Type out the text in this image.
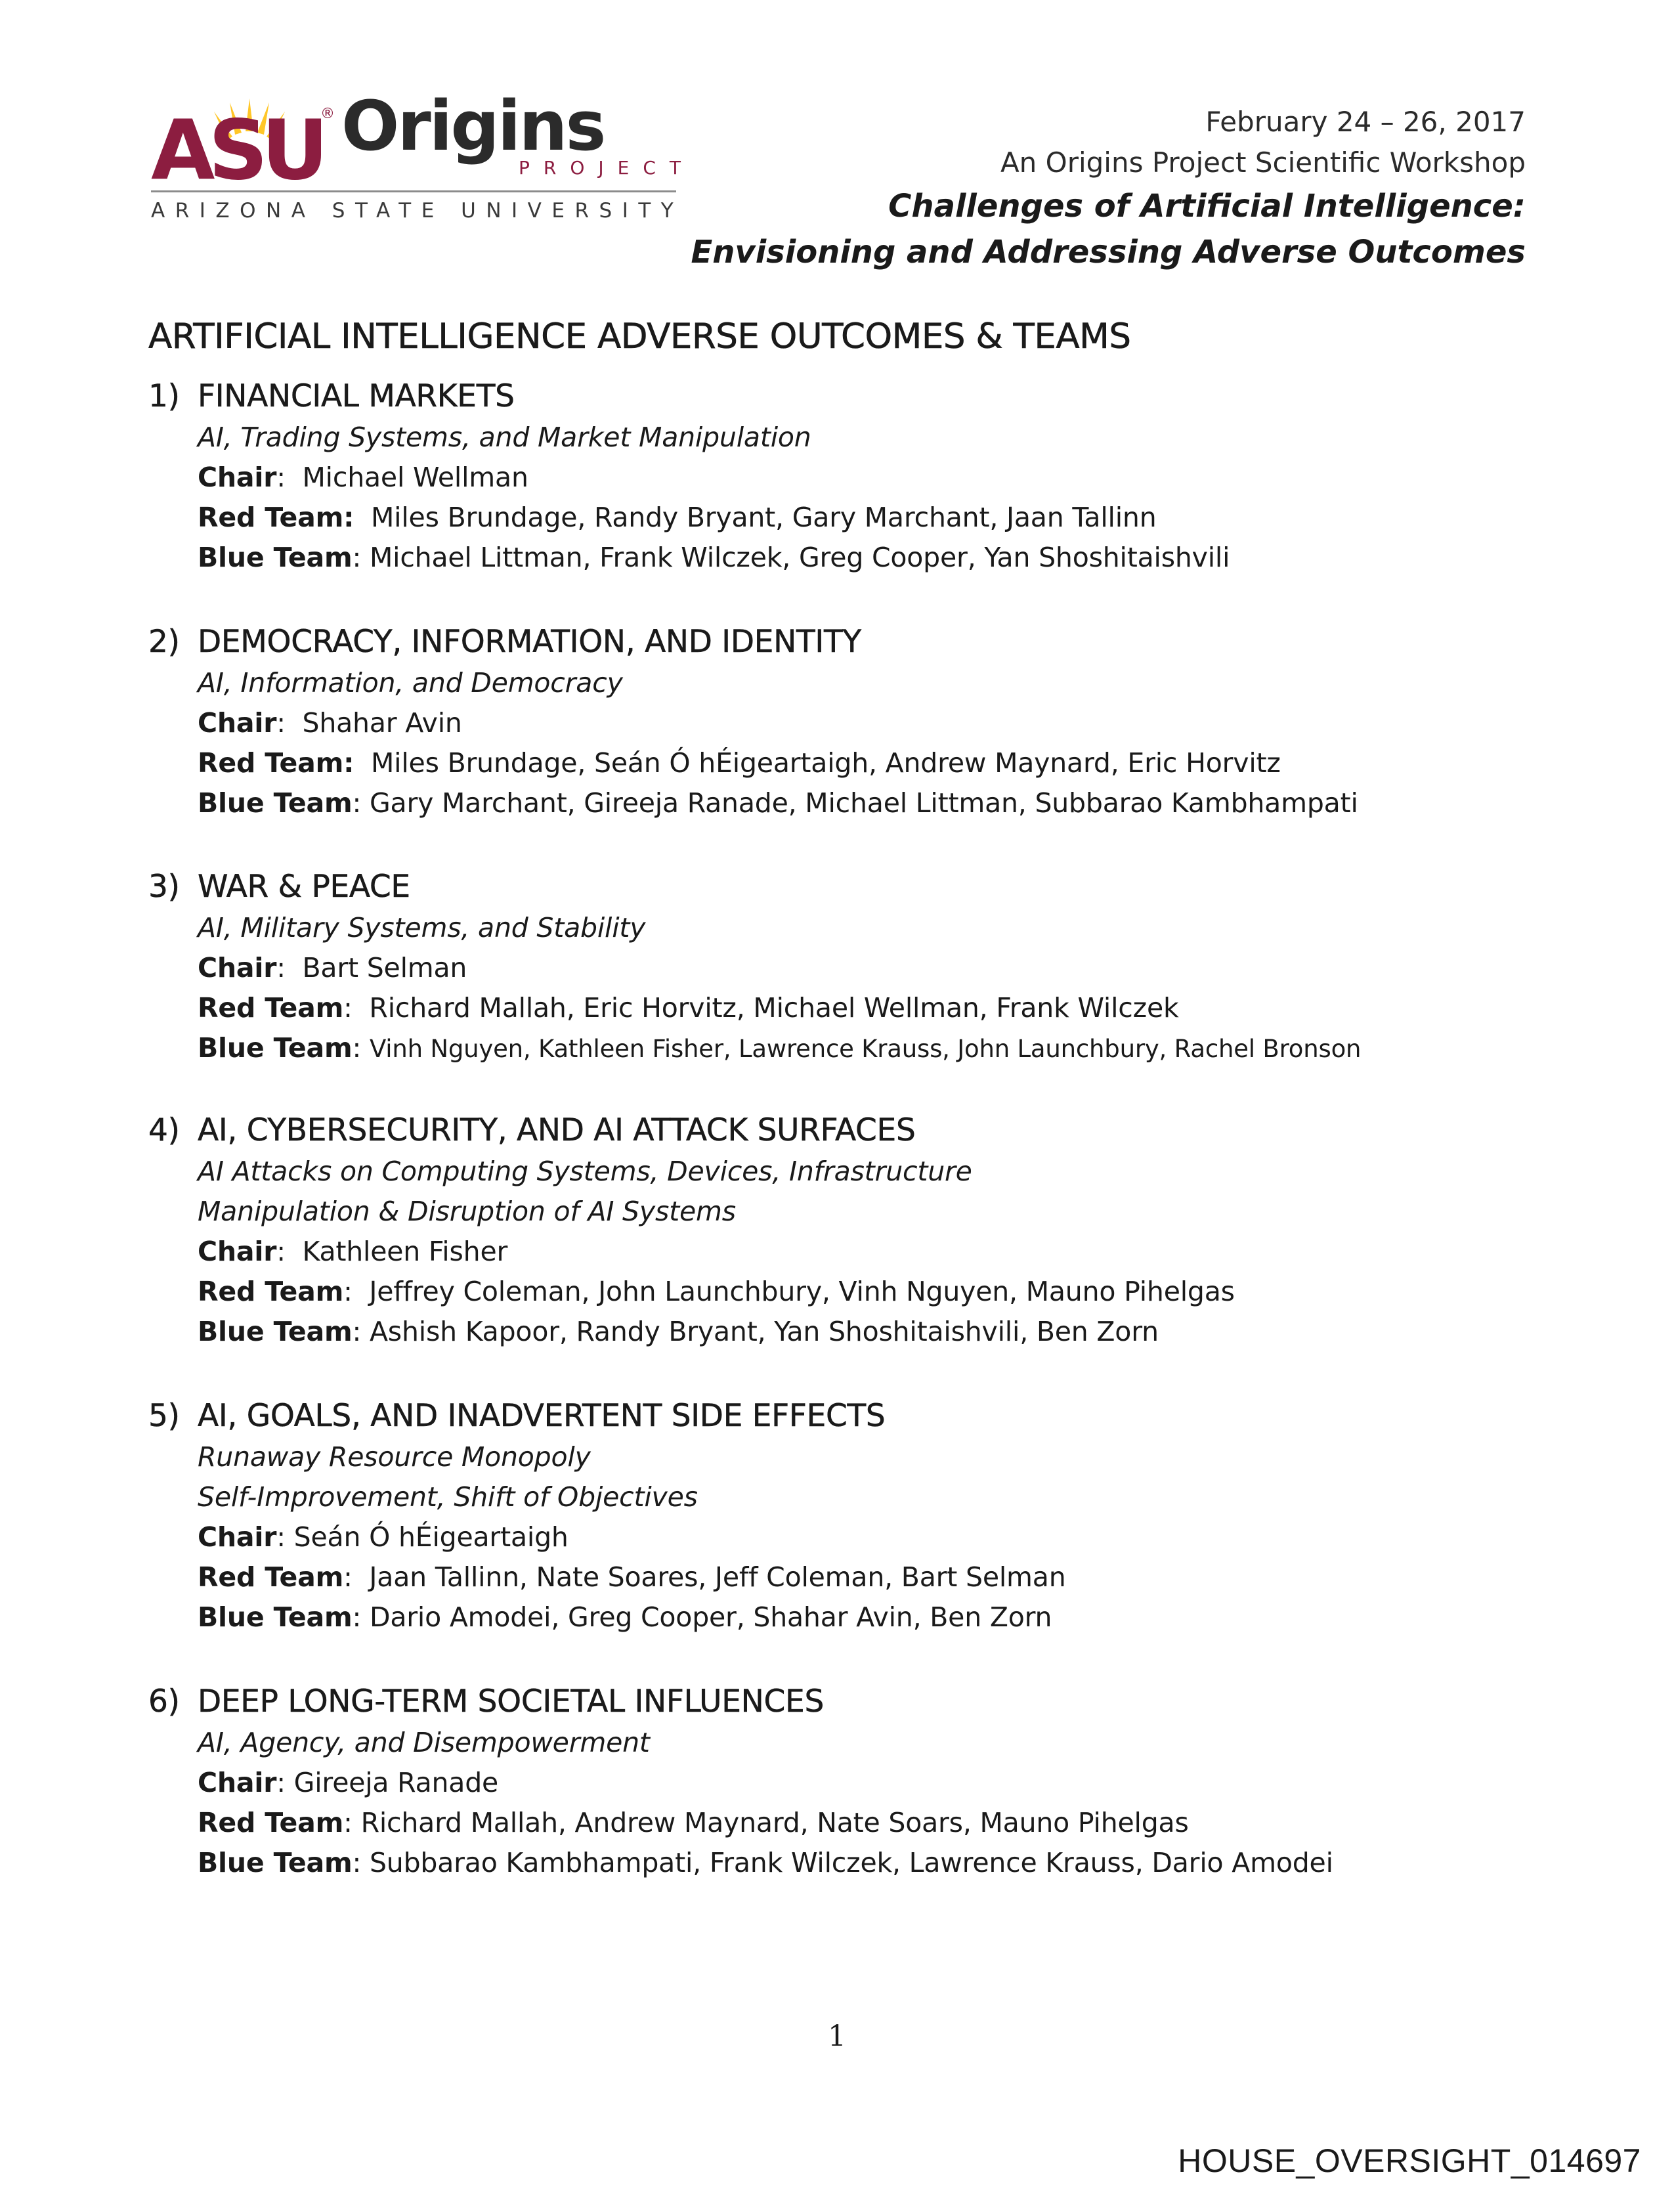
ASU
® Origins
PROJECT
ARIZONA STATE UNIVERSITY
February 24 – 26, 2017
An Origins Project Scientific Workshop
Challenges of Artificial Intelligence:
Envisioning and Addressing Adverse Outcomes
ARTIFICIAL INTELLIGENCE ADVERSE OUTCOMES & TEAMS
1) FINANCIAL MARKETS
AI, Trading Systems, and Market Manipulation
Chair:  Michael Wellman
Red Team: Miles Brundage, Randy Bryant, Gary Marchant, Jaan Tallinn
Blue Team: Michael Littman, Frank Wilczek, Greg Cooper, Yan Shoshitaishvili
2) DEMOCRACY, INFORMATION, AND IDENTITY
AI, Information, and Democracy
Chair:  Shahar Avin
Red Team: Miles Brundage, Seán Ó hÉigeartaigh, Andrew Maynard, Eric Horvitz
Blue Team: Gary Marchant, Gireeja Ranade, Michael Littman, Subbarao Kambhampati
3) WAR & PEACE
AI, Military Systems, and Stability
Chair:  Bart Selman
Red Team:  Richard Mallah, Eric Horvitz, Michael Wellman, Frank Wilczek
Blue Team: Vinh Nguyen, Kathleen Fisher, Lawrence Krauss, John Launchbury, Rachel Bronson
4) AI, CYBERSECURITY, AND AI ATTACK SURFACES
AI Attacks on Computing Systems, Devices, Infrastructure
Manipulation & Disruption of AI Systems
Chair:  Kathleen Fisher
Red Team:  Jeffrey Coleman, John Launchbury, Vinh Nguyen, Mauno Pihelgas
Blue Team: Ashish Kapoor, Randy Bryant, Yan Shoshitaishvili, Ben Zorn
5) AI, GOALS, AND INADVERTENT SIDE EFFECTS
Runaway Resource Monopoly
Self-Improvement, Shift of Objectives
Chair: Seán Ó hÉigeartaigh
Red Team:  Jaan Tallinn, Nate Soares, Jeff Coleman, Bart Selman
Blue Team: Dario Amodei, Greg Cooper, Shahar Avin, Ben Zorn
6) DEEP LONG-TERM SOCIETAL INFLUENCES
AI, Agency, and Disempowerment
Chair: Gireeja Ranade
Red Team: Richard Mallah, Andrew Maynard, Nate Soars, Mauno Pihelgas
Blue Team: Subbarao Kambhampati, Frank Wilczek, Lawrence Krauss, Dario Amodei
1
HOUSE_OVERSIGHT_014697
